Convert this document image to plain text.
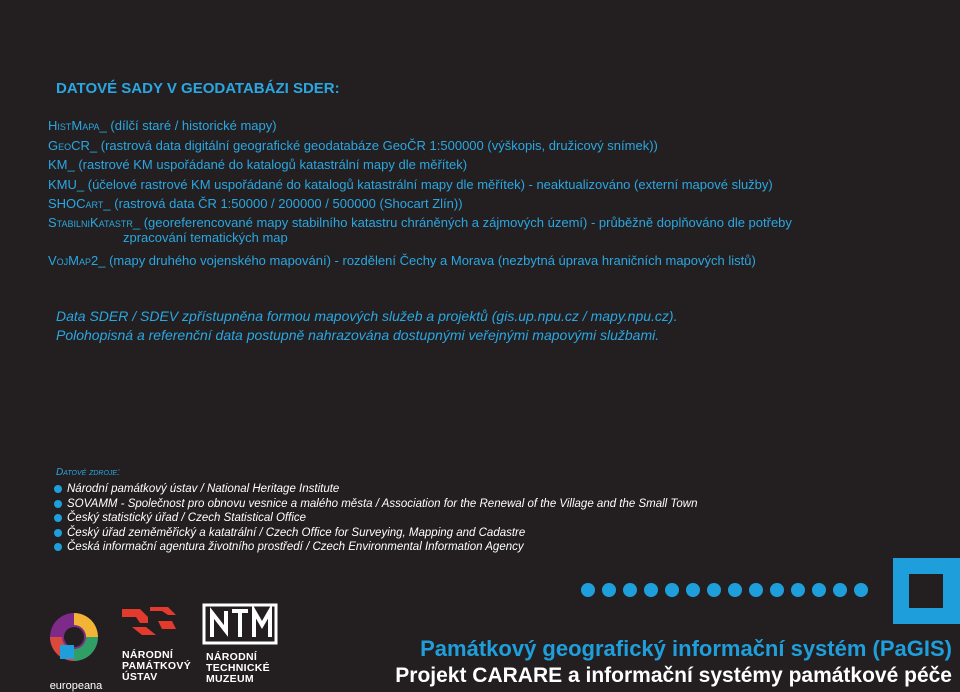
DATOVÉ SADY V GEODATABÁZI SDER:
HistMapa_ (dílčí staré / historické mapy)
GeoCR_ (rastrová data digitální geografické geodatabáze GeoČR 1:500000 (výškopis, družicový snímek))
KM_ (rastrové KM uspořádané do katalogů katastrální mapy dle měřítek)
KMU_ (účelové rastrové KM uspořádané do katalogů katastrální mapy dle měřítek) - neaktualizováno (externí mapové služby)
SHOCart_ (rastrová data ČR 1:50000 / 200000 / 500000 (Shocart Zlín))
StabilniKatastr_ (georeferencované mapy stabilního katastru chráněných a zájmových území) - průběžně doplňováno dle potřeby
zpracování tematických map
VojMap2_ (mapy druhého vojenského mapování) - rozdělení Čechy a Morava (nezbytná úprava hraničních mapových listů)
Data SDER / SDEV zpřístupněna formou mapových služeb a projektů (gis.up.npu.cz / mapy.npu.cz).
Polohopisná a referenční data postupně nahrazována dostupnými veřejnými mapovými službami.
Datové zdroje:
Národní památkový ústav / National Heritage Institute
SOVAMM - Společnost pro obnovu vesnice a malého města / Association for the Renewal of the Village and the Small Town
Český statistický úřad / Czech Statistical Office
Český úřad zeměměřický a katatrální / Czech Office for Surveying, Mapping and Cadastre
Česká informační agentura životního prostředí / Czech Environmental Information Agency
europeana
NÁRODNÍ
PAMÁTKOVÝ
ÚSTAV
NÁRODNÍ
TECHNICKÉ
MUZEUM
Památkový geografický informační systém (PaGIS)
Projekt CARARE a informační systémy památkové péče
